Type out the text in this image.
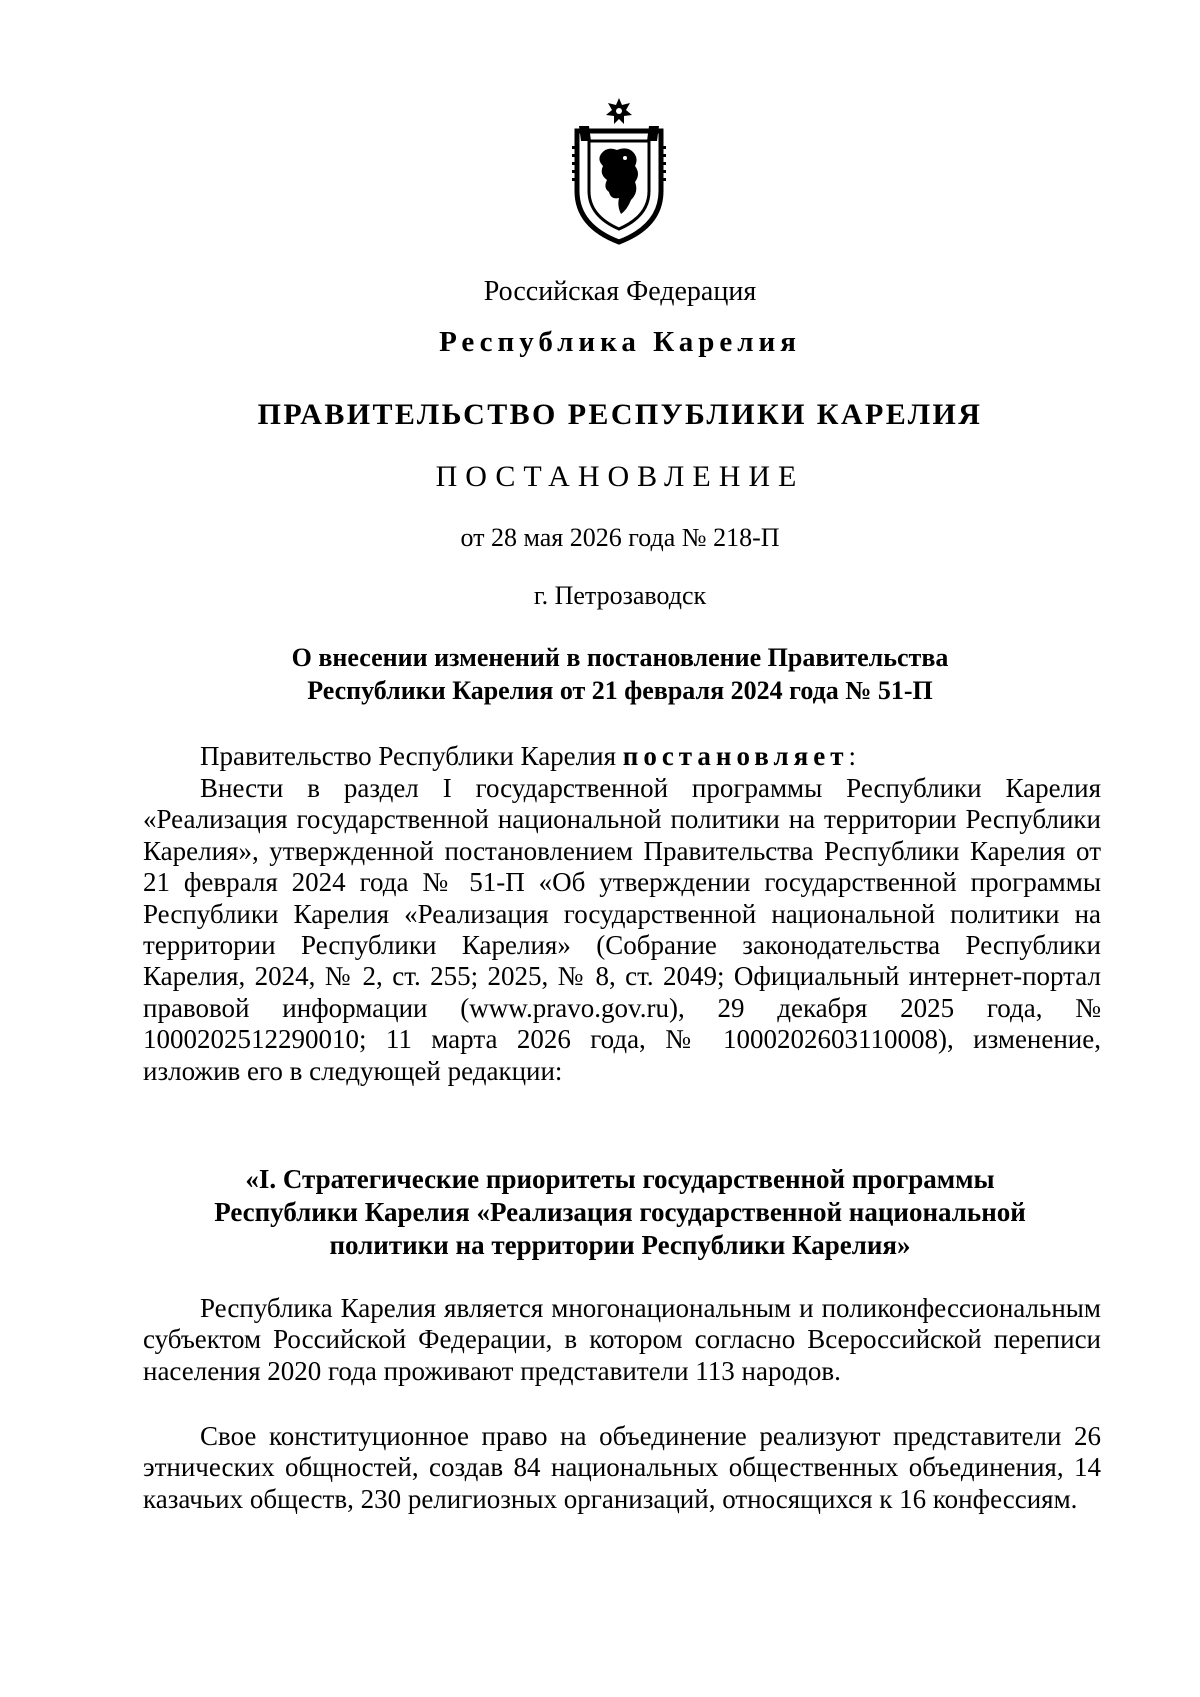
Российская Федерация
Республика Карелия
ПРАВИТЕЛЬСТВО РЕСПУБЛИКИ КАРЕЛИЯ
ПОСТАНОВЛЕНИЕ
от 28 мая 2026 года № 218-П
г. Петрозаводск
О внесении изменений в постановление Правительства
Республики Карелия от 21 февраля 2024 года № 51-П

Правительство Республики Карелия постановляет:

Внести в раздел I государственной программы Республики Карелия «Реализация государственной национальной политики на территории Республики Карелия», утвержденной постановлением Правительства Республики Карелия от 21 февраля 2024 года № 51-П «Об утверждении государственной программы Республики Карелия «Реализация государственной национальной политики на территории Республики Карелия» (Собрание законодательства Республики Карелия, 2024, № 2, ст. 255; 2025, № 8, ст. 2049; Официальный интернет-портал правовой информации (www.pravo.gov.ru), 29 декабря 2025 года, № 1000202512290010; 11 марта 2026 года, № 1000202603110008), изменение, изложив его в следующей редакции:

«I. Стратегические приоритеты государственной программы
Республики Карелия «Реализация государственной национальной
политики на территории Республики Карелия»

Республика Карелия является многонациональным и поликонфессиональным субъектом Российской Федерации, в котором согласно Всероссийской переписи населения 2020 года проживают представители 113 народов.

Свое конституционное право на объединение реализуют представители 26 этнических общностей, создав 84 национальных общественных объединения, 14 казачьих обществ, 230 религиозных организаций, относящихся к 16 конфессиям.
